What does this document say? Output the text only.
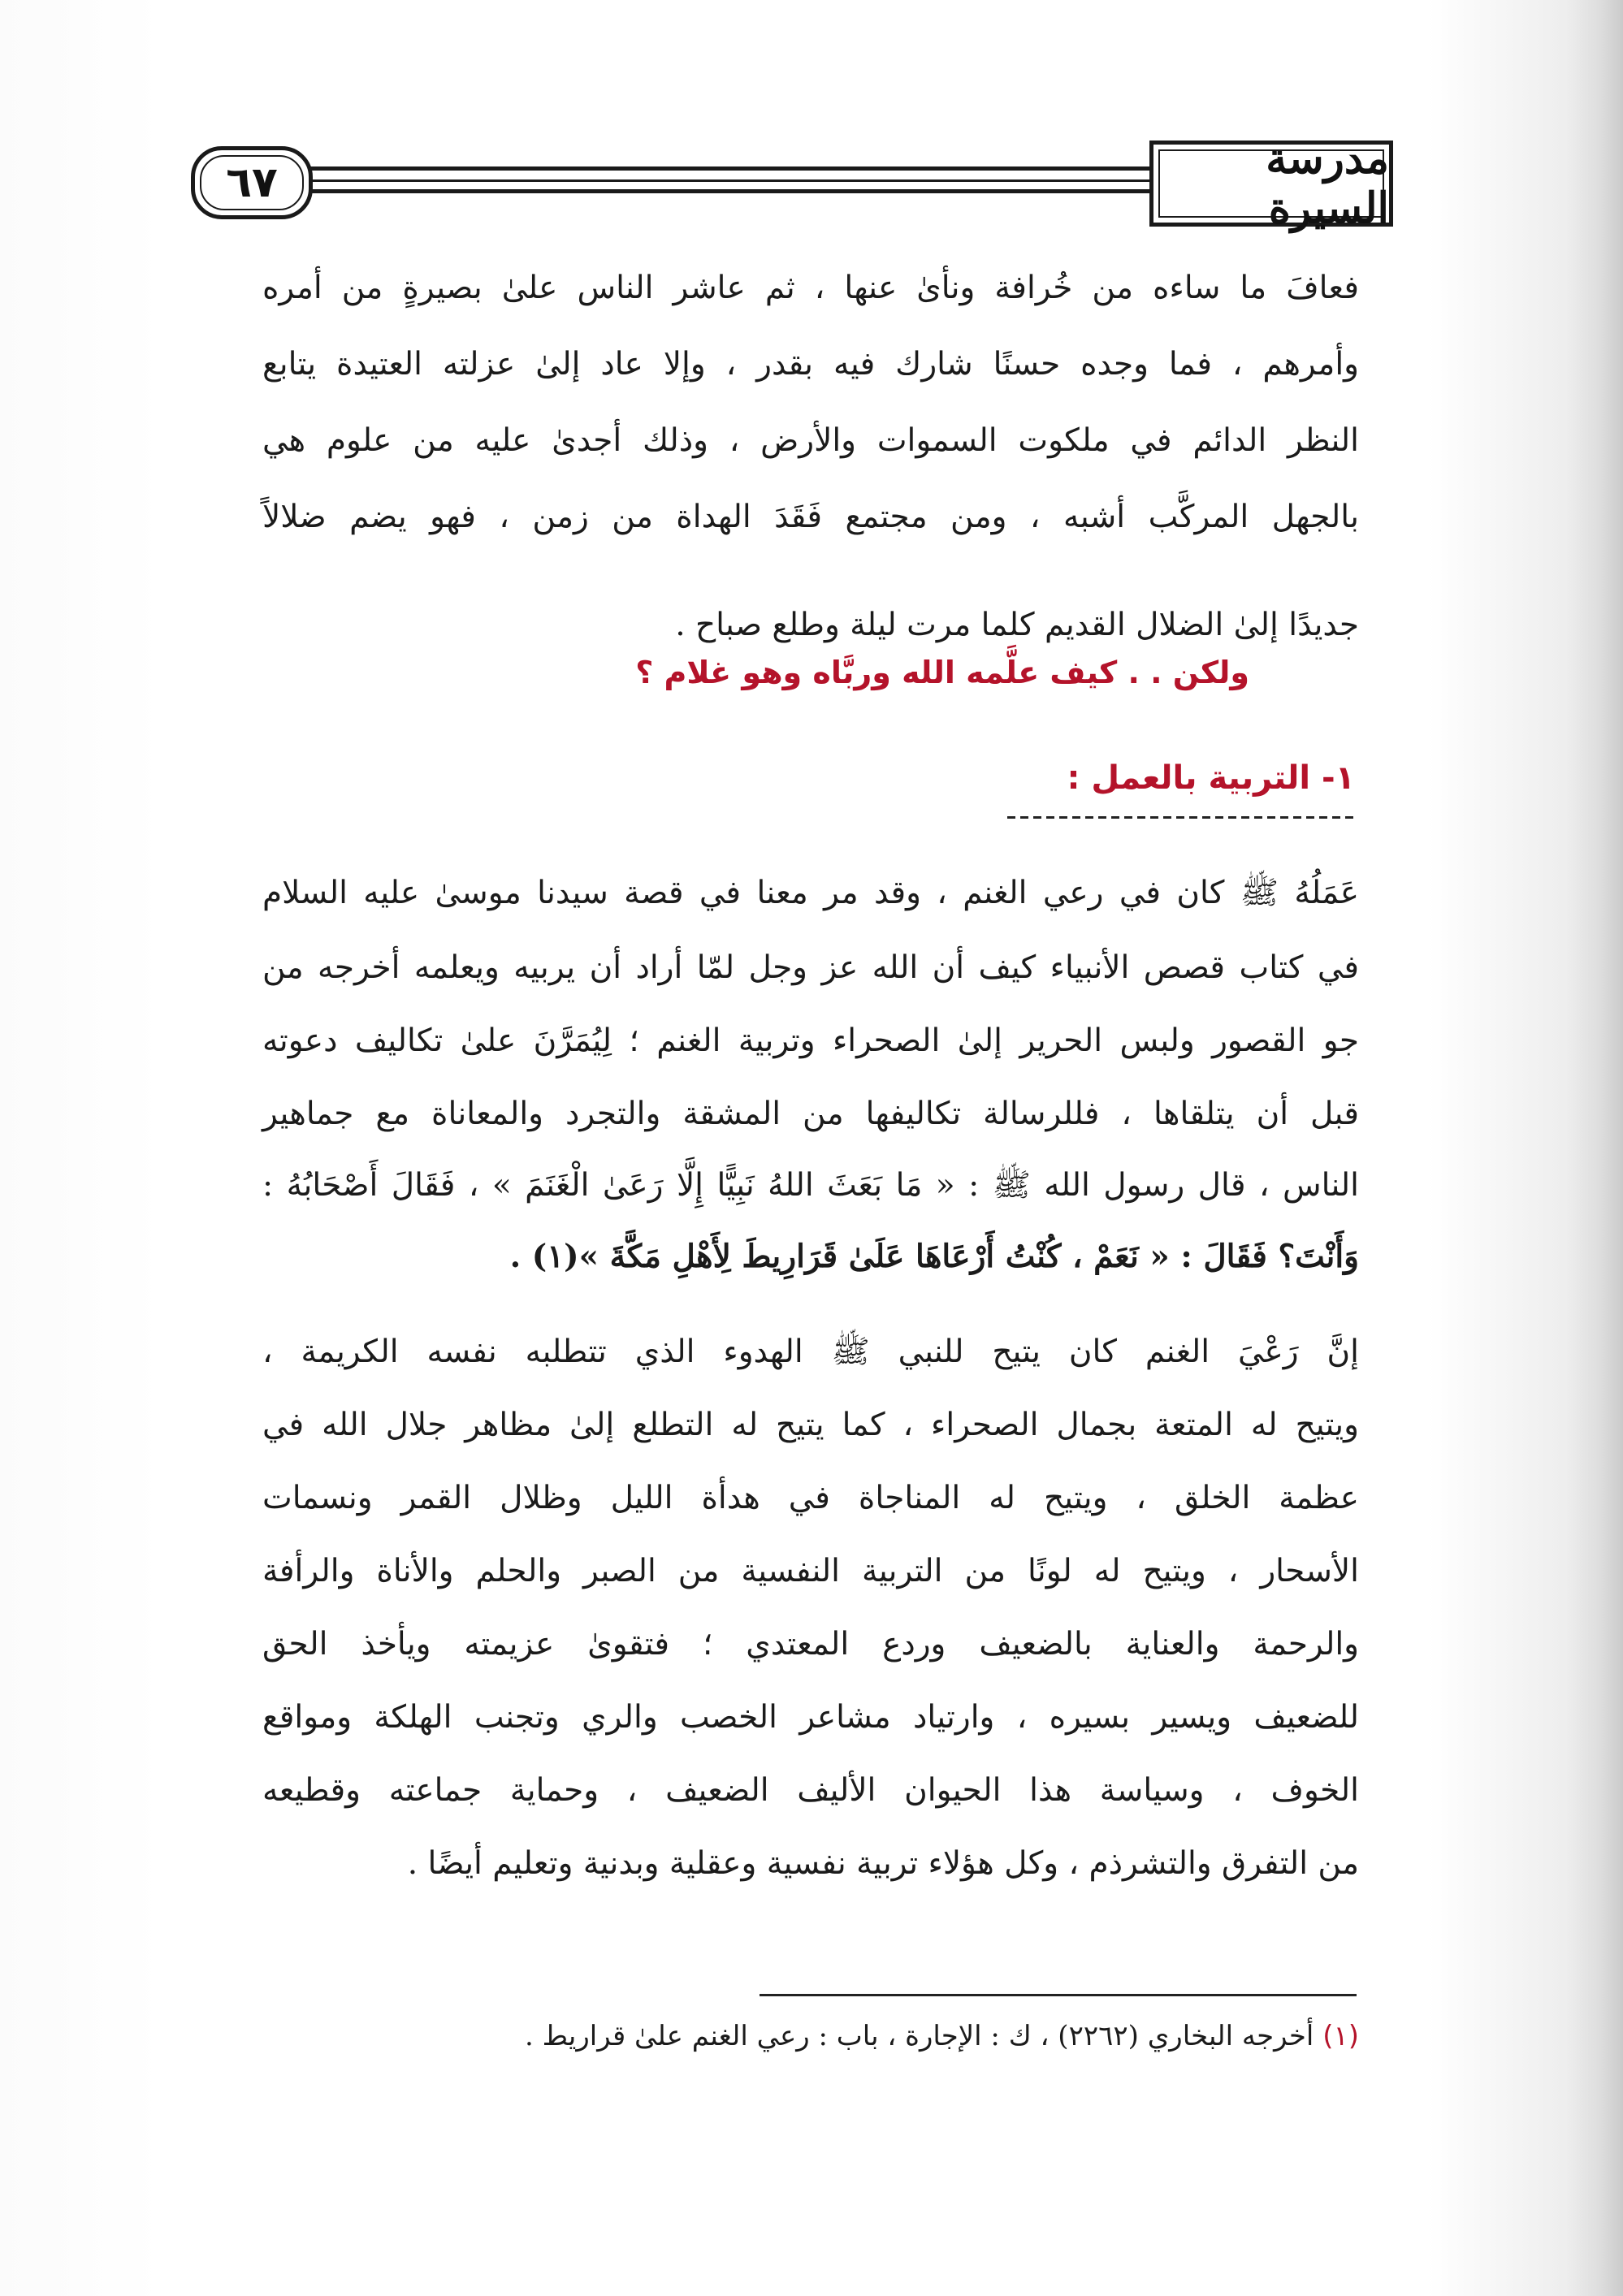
٦٧	مدرسة السيرة
فعافَ ما ساءه من خُرافة ونأىٰ عنها ، ثم عاشر الناس علىٰ بصيرةٍ من أمره
وأمرهم ، فما وجده حسنًا شارك فيه بقدر ، وإلا عاد إلىٰ عزلته العتيدة يتابع
النظر الدائم في ملكوت السموات والأرض ، وذلك أجدىٰ عليه من علوم هي
بالجهل المركَّب أشبه ، ومن مجتمع فَقَدَ الهداة من زمن ، فهو يضم ضلالاً
جديدًا إلىٰ الضلال القديم كلما مرت ليلة وطلع صباح .
ولكن . . كيف علَّمه الله وربَّاه وهو غلام ؟
١- التربية بالعمل :
عَمَلُهُ ﷺ كان في رعي الغنم ، وقد مر معنا في قصة سيدنا موسىٰ عليه السلام
في كتاب قصص الأنبياء كيف أن الله عز وجل لمّا أراد أن يربيه ويعلمه أخرجه من
جو القصور ولبس الحرير إلىٰ الصحراء وتربية الغنم ؛ لِيُمَرَّنَ علىٰ تكاليف دعوته
قبل أن يتلقاها ، فللرسالة تكاليفها من المشقة والتجرد والمعاناة مع جماهير
الناس ، قال رسول الله ﷺ : « مَا بَعَثَ اللهُ نَبِيًّا إِلَّا رَعَىٰ الْغَنَمَ » ، فَقَالَ أَصْحَابُهُ :
وَأَنْتَ؟ فَقَالَ : « نَعَمْ ، كُنْتُ أَرْعَاهَا عَلَىٰ قَرَارِيطَ لِأَهْلِ مَكَّةَ »(١) .
إنَّ رَعْيَ الغنم كان يتيح للنبي ﷺ الهدوء الذي تتطلبه نفسه الكريمة ،
ويتيح له المتعة بجمال الصحراء ، كما يتيح له التطلع إلىٰ مظاهر جلال الله في
عظمة الخلق ، ويتيح له المناجاة في هدأة الليل وظلال القمر ونسمات
الأسحار ، ويتيح له لونًا من التربية النفسية من الصبر والحلم والأناة والرأفة
والرحمة والعناية بالضعيف وردع المعتدي ؛ فتقوىٰ عزيمته ويأخذ الحق
للضعيف ويسير بسيره ، وارتياد مشاعر الخصب والري وتجنب الهلكة ومواقع
الخوف ، وسياسة هذا الحيوان الأليف الضعيف ، وحماية جماعته وقطيعه
من التفرق والتشرذم ، وكل هؤلاء تربية نفسية وعقلية وبدنية وتعليم أيضًا .
(١) أخرجه البخاري (٢٢٦٢) ، ك : الإجارة ، باب : رعي الغنم علىٰ قراريط .
